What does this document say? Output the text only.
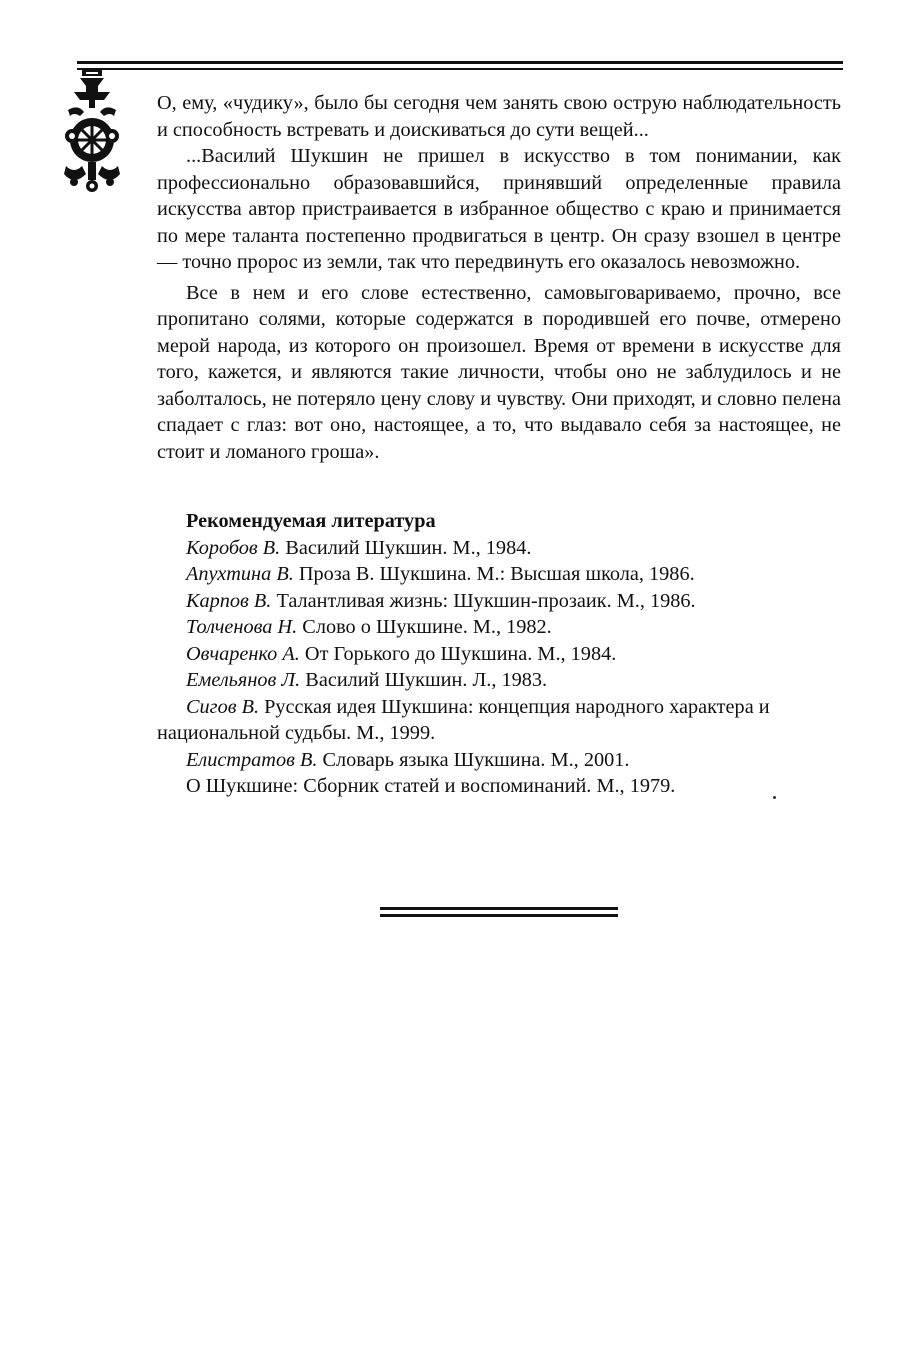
О, ему, «чудику», было бы сегодня чем занять свою острую наблюдательность и способность встревать и доискиваться до сути вещей...

...Василий Шукшин не пришел в искусство в том понимании, как профессионально образовавшийся, принявший определенные правила искусства автор пристраивается в избранное общество с краю и принимается по мере таланта постепенно продвигаться в центр. Он сразу взошел в центре — точно пророс из земли, так что передвинуть его оказалось невозможно.

Все в нем и его слове естественно, самовыговариваемо, прочно, все пропитано солями, которые содержатся в породившей его почве, отмерено мерой народа, из которого он произошел. Время от времени в искусстве для того, кажется, и являются такие личности, чтобы оно не заблудилось и не заболталось, не потеряло цену слову и чувству. Они приходят, и словно пелена спадает с глаз: вот оно, настоящее, а то, что выдавало себя за настоящее, не стоит и ломаного гроша».

Рекомендуемая литература

Коробов В. Василий Шукшин. М., 1984.

Апухтина В. Проза В. Шукшина. М.: Высшая школа, 1986.

Карпов В. Талантливая жизнь: Шукшин-прозаик. М., 1986.

Толченова Н. Слово о Шукшине. М., 1982.

Овчаренко А. От Горького до Шукшина. М., 1984.

Емельянов Л. Василий Шукшин. Л., 1983.

Сигов В. Русская идея Шукшина: концепция народного характера и национальной судьбы. М., 1999.

Елистратов В. Словарь языка Шукшина. М., 2001.

О Шукшине: Сборник статей и воспоминаний. М., 1979.
